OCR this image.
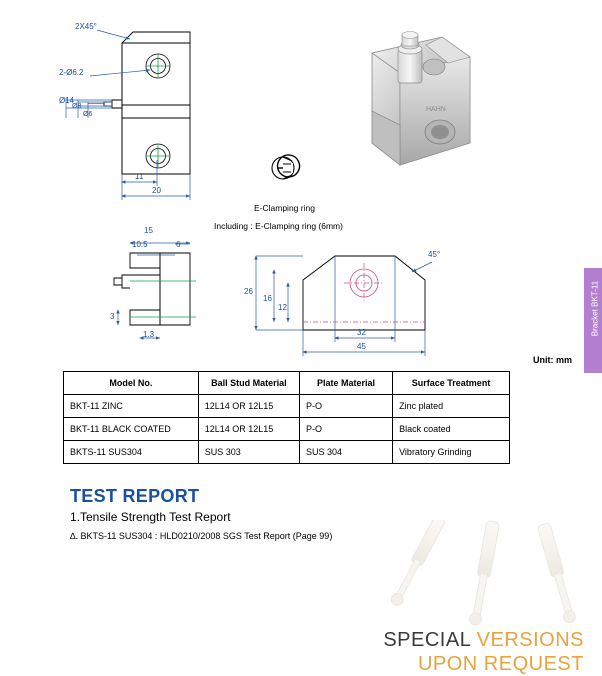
2X45°
2-Ø6.2
Ø14
Ø8
Ø6
11
20
15
10.5	6
3
1.3
26
16
12
32
45
45°
E-Clamping ring
Including : E-Clamping ring (6mm)
HAHN
Bracket BKT-11
Unit: mm
Model No.	Ball Stud Material	Plate Material	Surface Treatment
BKT-11 ZINC	12L14 OR 12L15	P-O	Zinc plated
BKT-11 BLACK COATED	12L14 OR 12L15	P-O	Black coated
BKTS-11 SUS304	SUS 303	SUS 304	Vibratory Grinding
TEST REPORT
1.Tensile Strength Test Report
∆. BKTS-11 SUS304 : HLD0210/2008 SGS Test Report (Page 99)
SPECIAL VERSIONS
UPON REQUEST
